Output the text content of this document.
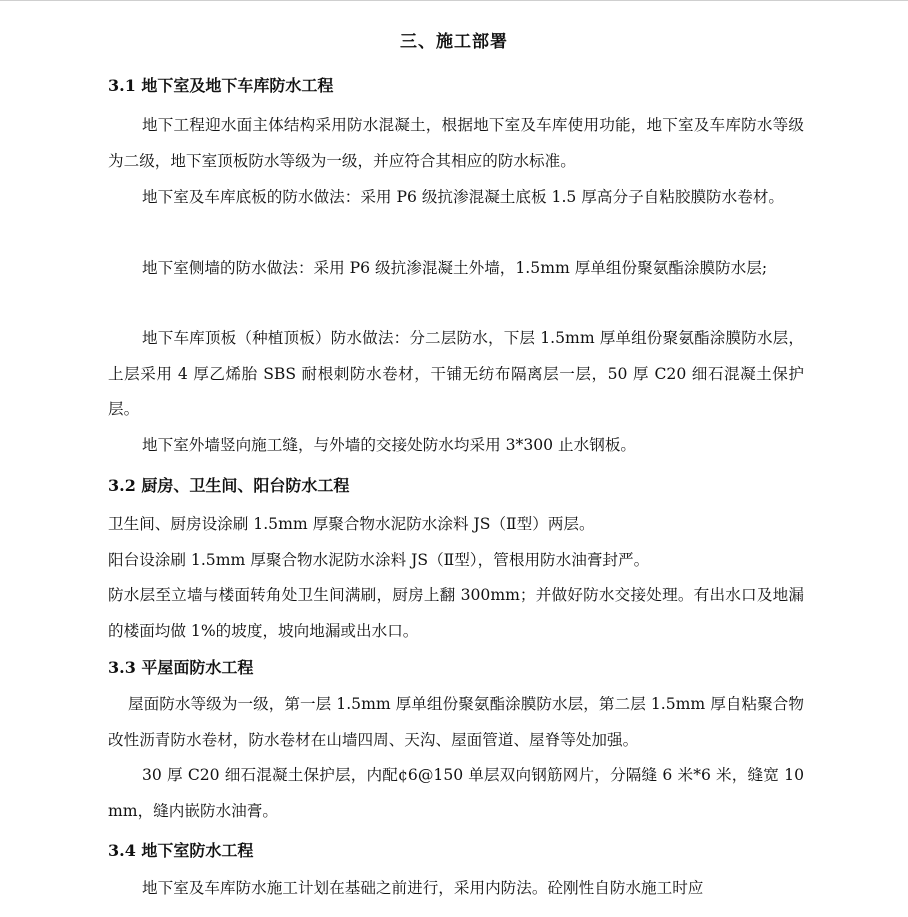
三、施工部署
3.1 地下室及地下车库防水工程
地下工程迎水面主体结构采用防水混凝土，根据地下室及车库使用功能，地下室及车库防水等级为二级，地下室顶板防水等级为一级，并应符合其相应的防水标准。
地下室及车库底板的防水做法：采用 P6 级抗渗混凝土底板 1.5 厚高分子自粘胶膜防水卷材。
地下室侧墙的防水做法：采用 P6 级抗渗混凝土外墙，1.5mm 厚单组份聚氨酯涂膜防水层;
地下车库顶板（种植顶板）防水做法：分二层防水，下层 1.5mm 厚单组份聚氨酯涂膜防水层，上层采用 4 厚乙烯胎 SBS 耐根刺防水卷材，干铺无纺布隔离层一层，50 厚 C20 细石混凝土保护层。
地下室外墙竖向施工缝，与外墙的交接处防水均采用 3*300 止水钢板。
3.2 厨房、卫生间、阳台防水工程
卫生间、厨房设涂刷 1.5mm 厚聚合物水泥防水涂料 JS（Ⅱ型）两层。
阳台设涂刷 1.5mm 厚聚合物水泥防水涂料 JS（Ⅱ型），管根用防水油膏封严。
防水层至立墙与楼面转角处卫生间满刷，厨房上翻 300mm；并做好防水交接处理。有出水口及地漏的楼面均做 1%的坡度，坡向地漏或出水口。
3.3 平屋面防水工程
屋面防水等级为一级，第一层 1.5mm 厚单组份聚氨酯涂膜防水层，第二层 1.5mm 厚自粘聚合物改性沥青防水卷材，防水卷材在山墙四周、天沟、屋面管道、屋脊等处加强。
30 厚 C20 细石混凝土保护层，内配¢6@150 单层双向钢筋网片，分隔缝 6 米*6 米，缝宽 10mm，缝内嵌防水油膏。
3.4 地下室防水工程
地下室及车库防水施工计划在基础之前进行，采用内防法。砼刚性自防水施工时应
